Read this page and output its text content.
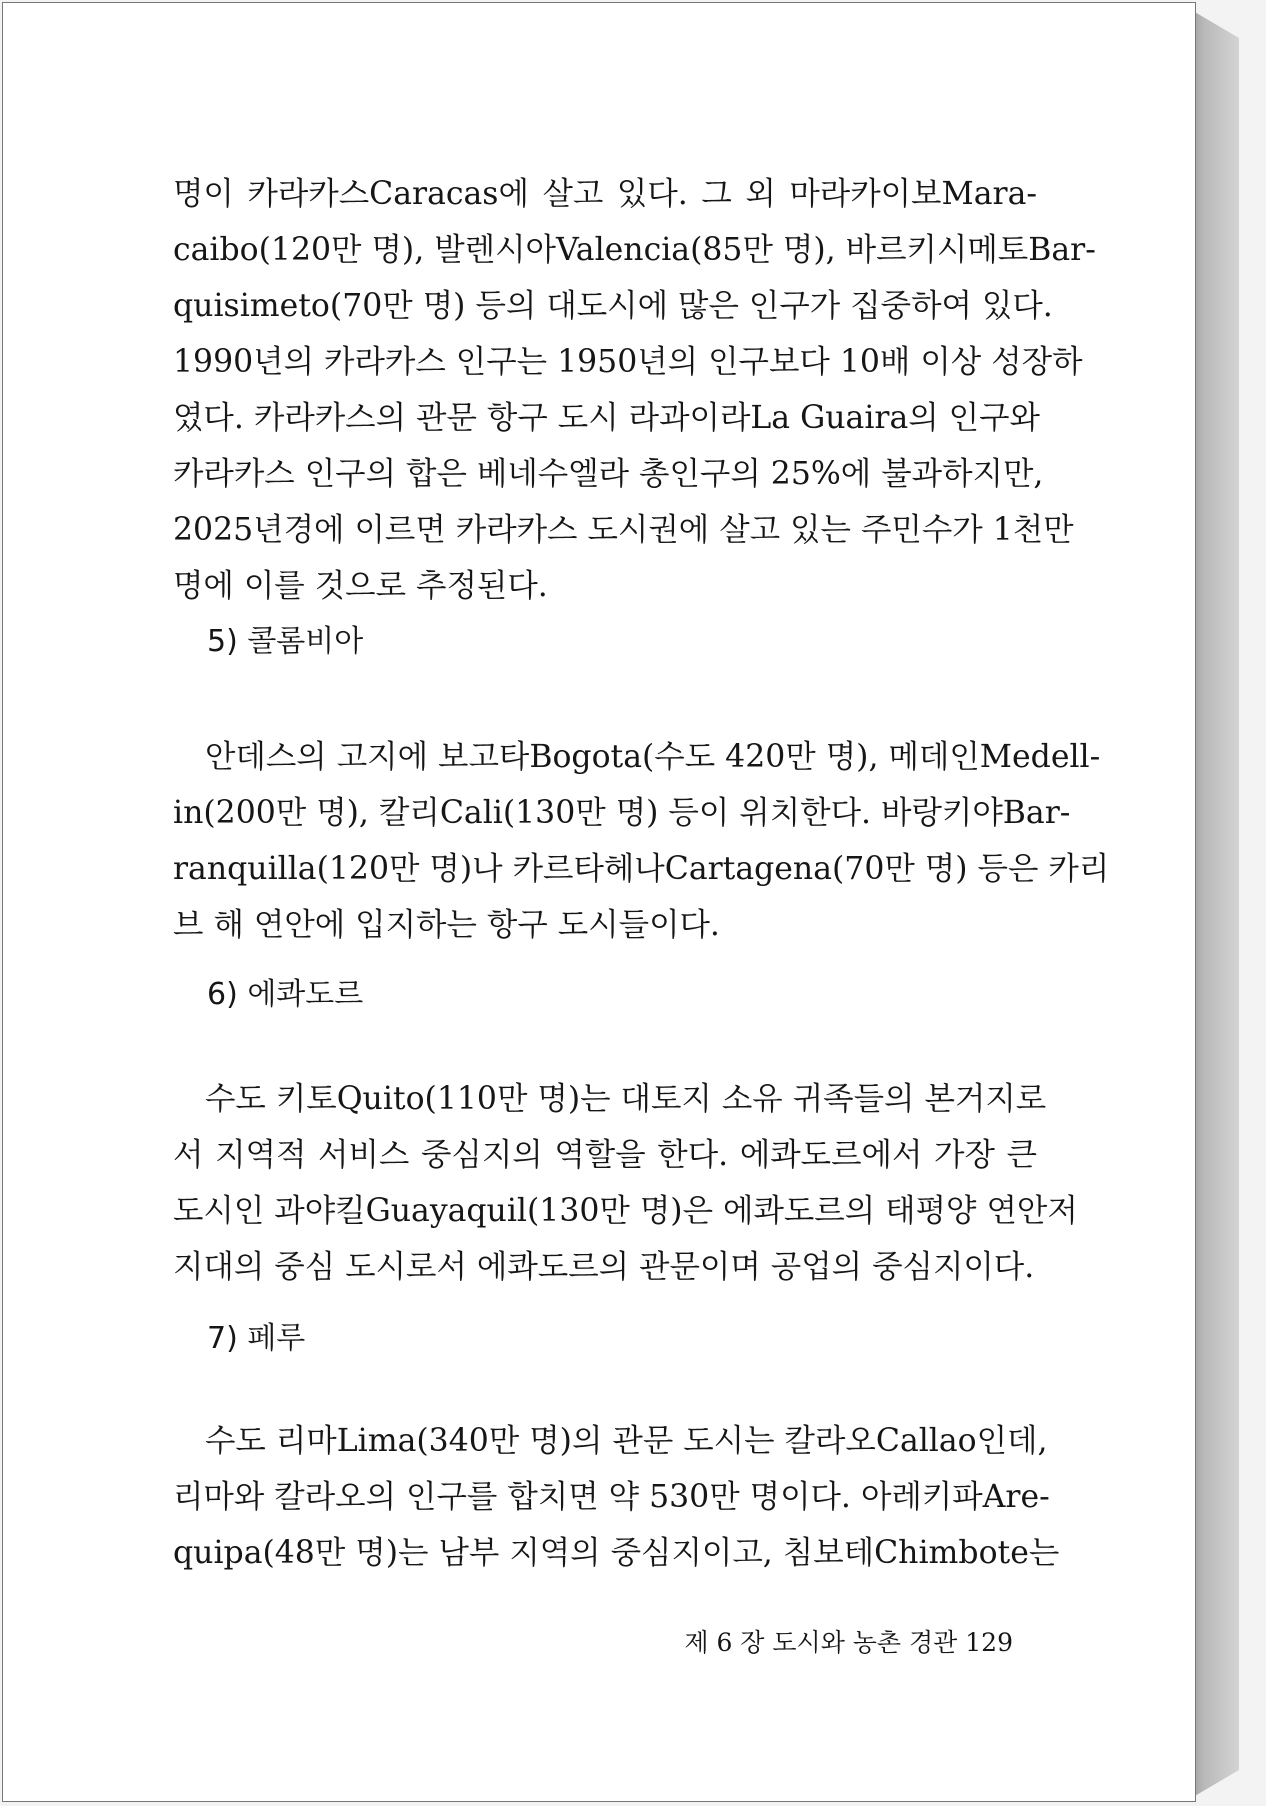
명이 카라카스Caracas에 살고 있다. 그 외 마라카이보Mara-
caibo(120만 명), 발렌시아Valencia(85만 명), 바르키시메토Bar-
quisimeto(70만 명) 등의 대도시에 많은 인구가 집중하여 있다.
1990년의 카라카스 인구는 1950년의 인구보다 10배 이상 성장하
였다. 카라카스의 관문 항구 도시 라과이라La Guaira의 인구와
카라카스 인구의 합은 베네수엘라 총인구의 25%에 불과하지만,
2025년경에 이르면 카라카스 도시권에 살고 있는 주민수가 1천만
명에 이를 것으로 추정된다.
안데스의 고지에 보고타Bogota(수도 420만 명), 메데인Medell-
in(200만 명), 칼리Cali(130만 명) 등이 위치한다. 바랑키야Bar-
ranquilla(120만 명)나 카르타헤나Cartagena(70만 명) 등은 카리
브 해 연안에 입지하는 항구 도시들이다.
수도 키토Quito(110만 명)는 대토지 소유 귀족들의 본거지로
서 지역적 서비스 중심지의 역할을 한다. 에콰도르에서 가장 큰
도시인 과야킬Guayaquil(130만 명)은 에콰도르의 태평양 연안저
지대의 중심 도시로서 에콰도르의 관문이며 공업의 중심지이다.
수도 리마Lima(340만 명)의 관문 도시는 칼라오Callao인데,
리마와 칼라오의 인구를 합치면 약 530만 명이다. 아레키파Are-
quipa(48만 명)는 남부 지역의 중심지이고, 침보테Chimbote는
5) 콜롬비아
6) 에콰도르
7) 페루
제 6 장 도시와 농촌 경관 129
